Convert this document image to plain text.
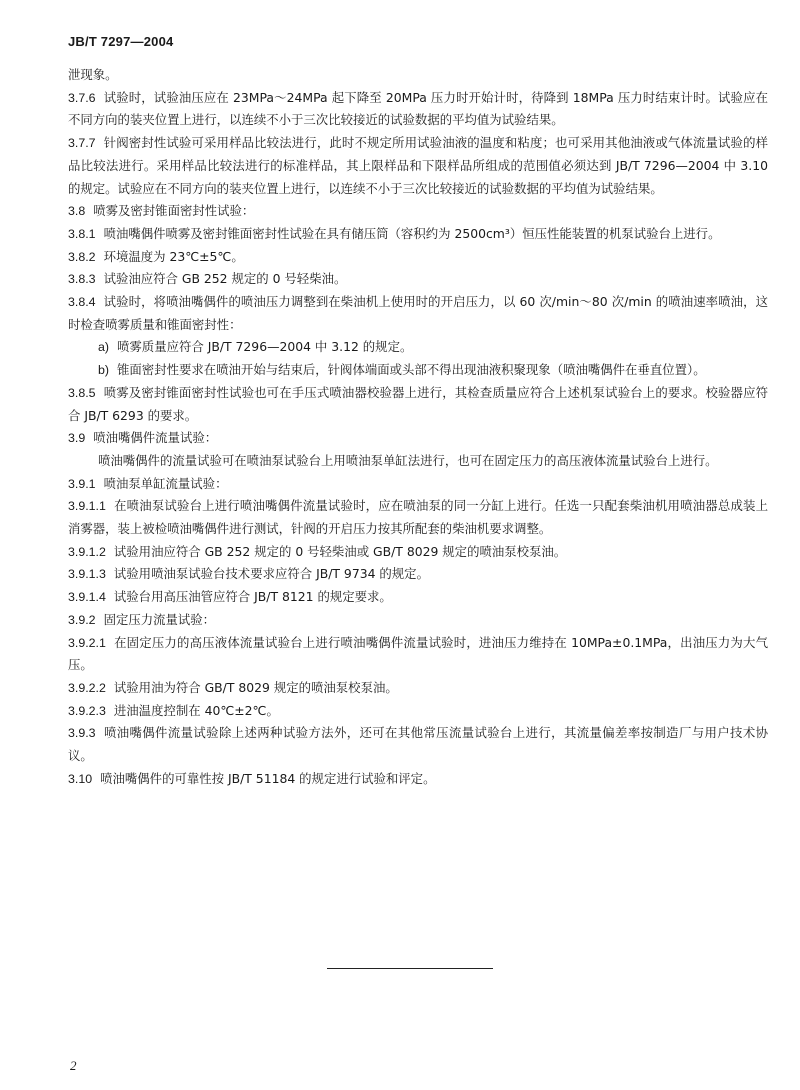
JB/T 7297—2004

泄现象。

3.7.6 试验时，试验油压应在 23MPa～24MPa 起下降至 20MPa 压力时开始计时，待降到 18MPa 压力时结束计时。试验应在不同方向的装夹位置上进行，以连续不小于三次比较接近的试验数据的平均值为试验结果。

3.7.7 针阀密封性试验可采用样品比较法进行，此时不规定所用试验油液的温度和粘度；也可采用其他油液或气体流量试验的样品比较法进行。采用样品比较法进行的标准样品，其上限样品和下限样品所组成的范围值必须达到 JB/T 7296—2004 中 3.10 的规定。试验应在不同方向的装夹位置上进行，以连续不小于三次比较接近的试验数据的平均值为试验结果。

3.8 喷雾及密封锥面密封性试验：

3.8.1 喷油嘴偶件喷雾及密封锥面密封性试验在具有储压筒（容积约为 2500cm³）恒压性能装置的机泵试验台上进行。

3.8.2 环境温度为 23℃±5℃。

3.8.3 试验油应符合 GB 252 规定的 0 号轻柴油。

3.8.4 试验时，将喷油嘴偶件的喷油压力调整到在柴油机上使用时的开启压力，以 60 次/min～80 次/min 的喷油速率喷油，这时检查喷雾质量和锥面密封性：

a) 喷雾质量应符合 JB/T 7296—2004 中 3.12 的规定。

b) 锥面密封性要求在喷油开始与结束后，针阀体端面或头部不得出现油液积聚现象（喷油嘴偶件在垂直位置）。

3.8.5 喷雾及密封锥面密封性试验也可在手压式喷油器校验器上进行，其检查质量应符合上述机泵试验台上的要求。校验器应符合 JB/T 6293 的要求。

3.9 喷油嘴偶件流量试验：

喷油嘴偶件的流量试验可在喷油泵试验台上用喷油泵单缸法进行，也可在固定压力的高压液体流量试验台上进行。

3.9.1 喷油泵单缸流量试验：

3.9.1.1 在喷油泵试验台上进行喷油嘴偶件流量试验时，应在喷油泵的同一分缸上进行。任选一只配套柴油机用喷油器总成装上消雾器，装上被检喷油嘴偶件进行测试，针阀的开启压力按其所配套的柴油机要求调整。

3.9.1.2 试验用油应符合 GB 252 规定的 0 号轻柴油或 GB/T 8029 规定的喷油泵校泵油。

3.9.1.3 试验用喷油泵试验台技术要求应符合 JB/T 9734 的规定。

3.9.1.4 试验台用高压油管应符合 JB/T 8121 的规定要求。

3.9.2 固定压力流量试验：

3.9.2.1 在固定压力的高压液体流量试验台上进行喷油嘴偶件流量试验时，进油压力维持在 10MPa±0.1MPa，出油压力为大气压。

3.9.2.2 试验用油为符合 GB/T 8029 规定的喷油泵校泵油。

3.9.2.3 进油温度控制在 40℃±2℃。

3.9.3 喷油嘴偶件流量试验除上述两种试验方法外，还可在其他常压流量试验台上进行，其流量偏差率按制造厂与用户技术协议。

3.10 喷油嘴偶件的可靠性按 JB/T 51184 的规定进行试验和评定。

2
